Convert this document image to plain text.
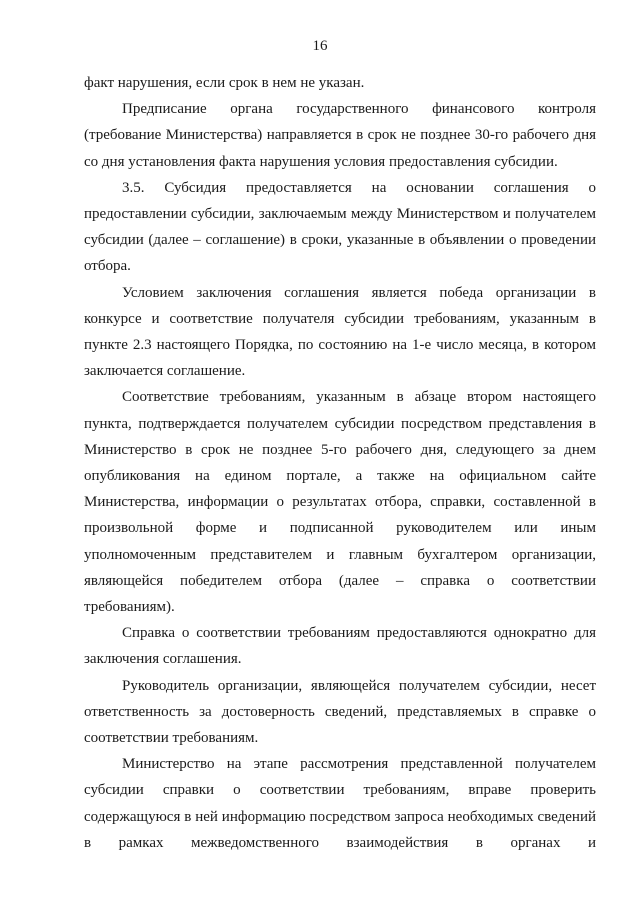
16

факт нарушения, если срок в нем не указан.

Предписание органа государственного финансового контроля (требование Министерства) направляется в срок не позднее 30-го рабочего дня со дня установления факта нарушения условия предоставления субсидии.

3.5. Субсидия предоставляется на основании соглашения о предоставлении субсидии, заключаемым между Министерством и получателем субсидии (далее – соглашение) в сроки, указанные в объявлении о проведении отбора.

Условием заключения соглашения является победа организации в конкурсе и соответствие получателя субсидии требованиям, указанным в пункте 2.3 настоящего Порядка, по состоянию на 1-е число месяца, в котором заключается соглашение.

Соответствие требованиям, указанным в абзаце втором настоящего пункта, подтверждается получателем субсидии посредством представления в Министерство в срок не позднее 5-го рабочего дня, следующего за днем опубликования на едином портале, а также на официальном сайте Министерства, информации о результатах отбора, справки, составленной в произвольной форме и подписанной руководителем или иным уполномоченным представителем и главным бухгалтером организации, являющейся победителем отбора (далее – справка о соответствии требованиям).

Справка о соответствии требованиям предоставляются однократно для заключения соглашения.

Руководитель организации, являющейся получателем субсидии, несет ответственность за достоверность сведений, представляемых в справке о соответствии требованиям.

Министерство на этапе рассмотрения представленной получателем субсидии справки о соответствии требованиям, вправе проверить содержащуюся в ней информацию посредством запроса необходимых сведений в рамках межведомственного взаимодействия в органах и
